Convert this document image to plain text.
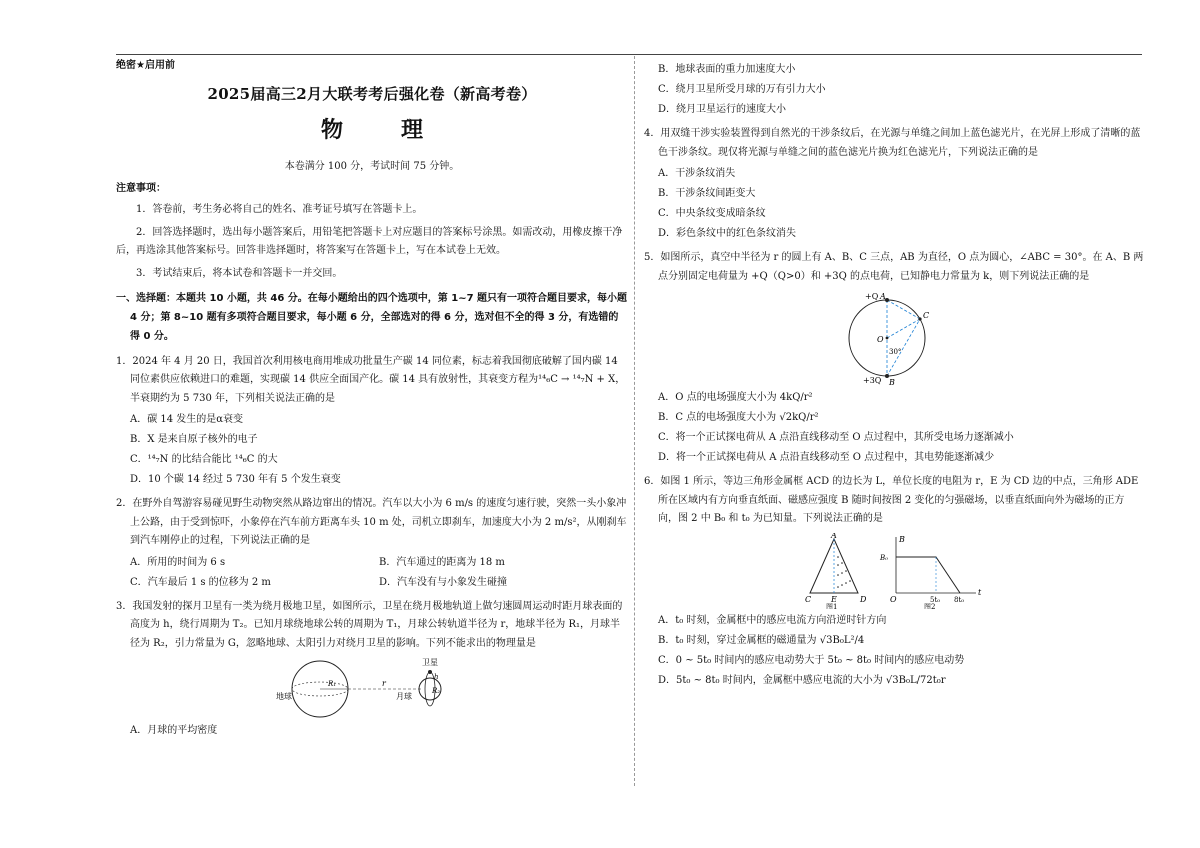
绝密★启用前
2025届高三2月大联考考后强化卷（新高考卷）
物　理
本卷满分 100 分，考试时间 75 分钟。
注意事项：

1．答卷前，考生务必将自己的姓名、准考证号填写在答题卡上。

2．回答选择题时，选出每小题答案后，用铅笔把答题卡上对应题目的答案标号涂黑。如需改动，用橡皮擦干净后，再选涂其他答案标号。回答非选择题时，将答案写在答题卡上，写在本试卷上无效。

3．考试结束后，将本试卷和答题卡一并交回。

一、选择题：本题共 10 小题，共 46 分。在每小题给出的四个选项中，第 1~7 题只有一项符合题目要求，每小题 4 分；第 8~10 题有多项符合题目要求，每小题 6 分，全部选对的得 6 分，选对但不全的得 3 分，有选错的得 0 分。
1．2024 年 4 月 20 日，我国首次利用核电商用堆成功批量生产碳 14 同位素，标志着我国彻底破解了国内碳 14 同位素供应依赖进口的难题，实现碳 14 供应全面国产化。碳 14 具有放射性，其衰变方程为¹⁴₆C → ¹⁴₇N + X，半衰期约为 5 730 年，下列相关说法正确的是
A．碳 14 发生的是α衰变
B．X 是来自原子核外的电子
C．¹⁴₇N 的比结合能比 ¹⁴₆C 的大
D．10 个碳 14 经过 5 730 年有 5 个发生衰变
2．在野外自驾游容易碰见野生动物突然从路边窜出的情况。汽车以大小为 6 m/s 的速度匀速行驶，突然一头小象冲上公路，由于受到惊吓，小象停在汽车前方距离车头 10 m 处，司机立即刹车，加速度大小为 2 m/s²，从刚刹车到汽车刚停止的过程，下列说法正确的是
A．所用的时间为 6 s	B．汽车通过的距离为 18 m
C．汽车最后 1 s 的位移为 2 m	D．汽车没有与小象发生碰撞
3．我国发射的探月卫星有一类为绕月极地卫星，如图所示，卫星在绕月极地轨道上做匀速圆周运动时距月球表面的高度为 h，绕行周期为 T₂。已知月球绕地球公转的周期为 T₁，月球公转轨道半径为 r，地球半径为 R₁，月球半径为 R₂，引力常量为 G，忽略地球、太阳引力对绕月卫星的影响。下列不能求出的物理量是
地球	月球
卫星
r
h
R₁
R₂
A．月球的平均密度
B．地球表面的重力加速度大小
C．绕月卫星所受月球的万有引力大小
D．绕月卫星运行的速度大小
4．用双缝干涉实验装置得到自然光的干涉条纹后，在光源与单缝之间加上蓝色滤光片，在光屏上形成了清晰的蓝色干涉条纹。现仅将光源与单缝之间的蓝色滤光片换为红色滤光片，下列说法正确的是
A．干涉条纹消失
B．干涉条纹间距变大
C．中央条纹变成暗条纹
D．彩色条纹中的红色条纹消失
5．如图所示，真空中半径为 r 的圆上有 A、B、C 三点，AB 为直径，O 点为圆心，∠ABC = 30°。在 A、B 两点分别固定电荷量为 +Q（Q>0）和 +3Q 的点电荷，已知静电力常量为 k，则下列说法正确的是
+Q A
C
O
30°
+3Q B
A．O 点的电场强度大小为 4kQ/r²
B．C 点的电场强度大小为 √2kQ/r²
C．将一个正试探电荷从 A 点沿直线移动至 O 点过程中，其所受电场力逐渐减小
D．将一个正试探电荷从 A 点沿直线移动至 O 点过程中，其电势能逐渐减少
6．如图 1 所示，等边三角形金属框 ACD 的边长为 L，单位长度的电阻为 r，E 为 CD 边的中点，三角形 ADE 所在区域内有方向垂直纸面、磁感应强度 B 随时间按图 2 变化的匀强磁场，以垂直纸面向外为磁场的正方向，图 2 中 B₀ 和 t₀ 为已知量。下列说法正确的是
A
C E	D
图1
B
B₀
O	5t₀ 8t₀
t
图2
A．t₀ 时刻，金属框中的感应电流方向沿逆时针方向
B．t₀ 时刻，穿过金属框的磁通量为 √3B₀L²/4
C．0 ~ 5t₀ 时间内的感应电动势大于 5t₀ ~ 8t₀ 时间内的感应电动势
D．5t₀ ~ 8t₀ 时间内，金属框中感应电流的大小为 √3B₀L/72t₀r
